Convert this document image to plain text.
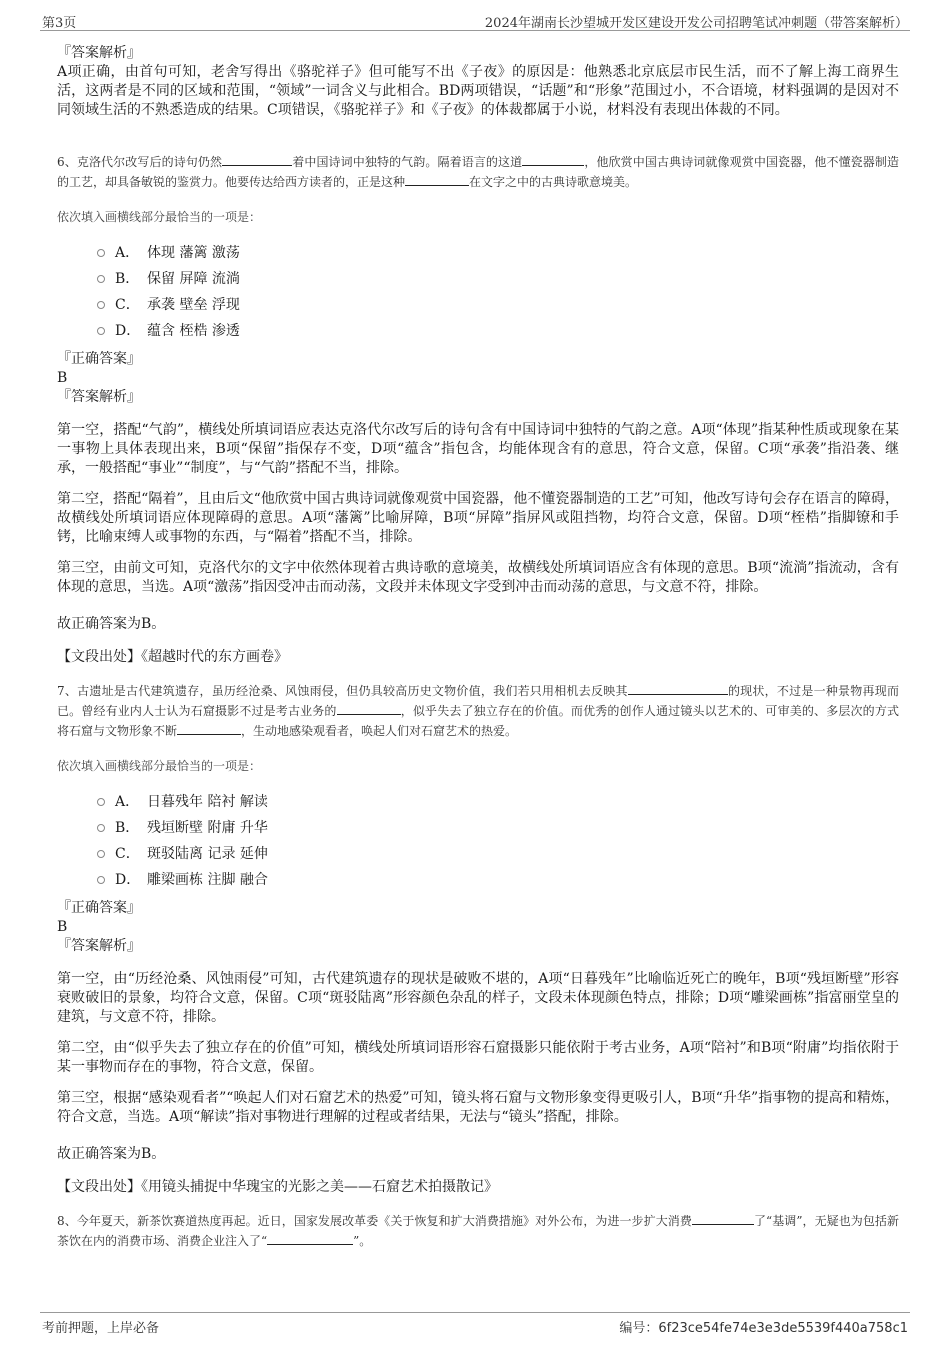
第3页	2024年湖南长沙望城开发区建设开发公司招聘笔试冲刺题（带答案解析）

『答案解析』

A项正确，由首句可知，老舍写得出《骆驼祥子》但可能写不出《子夜》的原因是：他熟悉北京底层市民生活，而不了解上海工商界生活，这两者是不同的区域和范围，“领域”一词含义与此相合。BD两项错误，“话题”和“形象”范围过小，不合语境，材料强调的是因对不同领域生活的不熟悉造成的结果。C项错误，《骆驼祥子》和《子夜》的体裁都属于小说，材料没有表现出体裁的不同。

6、克洛代尔改写后的诗句仍然	着中国诗词中独特的气韵。隔着语言的这道	，他欣赏中国古典诗词就像观赏中国瓷器，他不懂瓷器制造的工艺，却具备敏锐的鉴赏力。他要传达给西方读者的，正是这种	在文字之中的古典诗歌意境美。

依次填入画横线部分最恰当的一项是：

A． 体现 藩篱 激荡
B． 保留 屏障 流淌
C． 承袭 壁垒 浮现
D． 蕴含 桎梏 渗透

『正确答案』

B

『答案解析』

第一空，搭配“气韵”，横线处所填词语应表达克洛代尔改写后的诗句含有中国诗词中独特的气韵之意。A项“体现”指某种性质或现象在某一事物上具体表现出来，B项“保留”指保存不变，D项“蕴含”指包含，均能体现含有的意思，符合文意，保留。C项“承袭”指沿袭、继承，一般搭配“事业”“制度”，与“气韵”搭配不当，排除。

第二空，搭配“隔着”，且由后文“他欣赏中国古典诗词就像观赏中国瓷器，他不懂瓷器制造的工艺”可知，他改写诗句会存在语言的障碍，故横线处所填词语应体现障碍的意思。A项“藩篱”比喻屏障，B项“屏障”指屏风或阻挡物，均符合文意，保留。D项“桎梏”指脚镣和手铐，比喻束缚人或事物的东西，与“隔着”搭配不当，排除。

第三空，由前文可知，克洛代尔的文字中依然体现着古典诗歌的意境美，故横线处所填词语应含有体现的意思。B项“流淌”指流动，含有体现的意思，当选。A项“激荡”指因受冲击而动荡，文段并未体现文字受到冲击而动荡的意思，与文意不符，排除。

故正确答案为B。

【文段出处】《超越时代的东方画卷》

7、古遗址是古代建筑遗存，虽历经沧桑、风蚀雨侵，但仍具较高历史文物价值，我们若只用相机去反映其	的现状，不过是一种景物再现而已。曾经有业内人士认为石窟摄影不过是考古业务的	，似乎失去了独立存在的价值。而优秀的创作人通过镜头以艺术的、可审美的、多层次的方式将石窟与文物形象不断	，生动地感染观看者，唤起人们对石窟艺术的热爱。

依次填入画横线部分最恰当的一项是：

A． 日暮残年 陪衬 解读
B． 残垣断壁 附庸 升华
C． 斑驳陆离 记录 延伸
D． 雕梁画栋 注脚 融合

『正确答案』

B

『答案解析』

第一空，由“历经沧桑、风蚀雨侵”可知，古代建筑遗存的现状是破败不堪的，A项“日暮残年”比喻临近死亡的晚年，B项“残垣断壁”形容衰败破旧的景象，均符合文意，保留。C项“斑驳陆离”形容颜色杂乱的样子，文段未体现颜色特点，排除；D项“雕梁画栋”指富丽堂皇的建筑，与文意不符，排除。

第二空，由“似乎失去了独立存在的价值”可知，横线处所填词语形容石窟摄影只能依附于考古业务，A项“陪衬”和B项“附庸”均指依附于某一事物而存在的事物，符合文意，保留。

第三空，根据“感染观看者”“唤起人们对石窟艺术的热爱”可知，镜头将石窟与文物形象变得更吸引人，B项“升华”指事物的提高和精炼，符合文意，当选。A项“解读”指对事物进行理解的过程或者结果，无法与“镜头”搭配，排除。

故正确答案为B。

【文段出处】《用镜头捕捉中华瑰宝的光影之美——石窟艺术拍摄散记》

8、今年夏天，新茶饮赛道热度再起。近日，国家发展改革委《关于恢复和扩大消费措施》对外公布，为进一步扩大消费	了“基调”，无疑也为包括新茶饮在内的消费市场、消费企业注入了“	”。

考前押题，上岸必备	编号：6f23ce54fe74e3e3de5539f440a758c1
